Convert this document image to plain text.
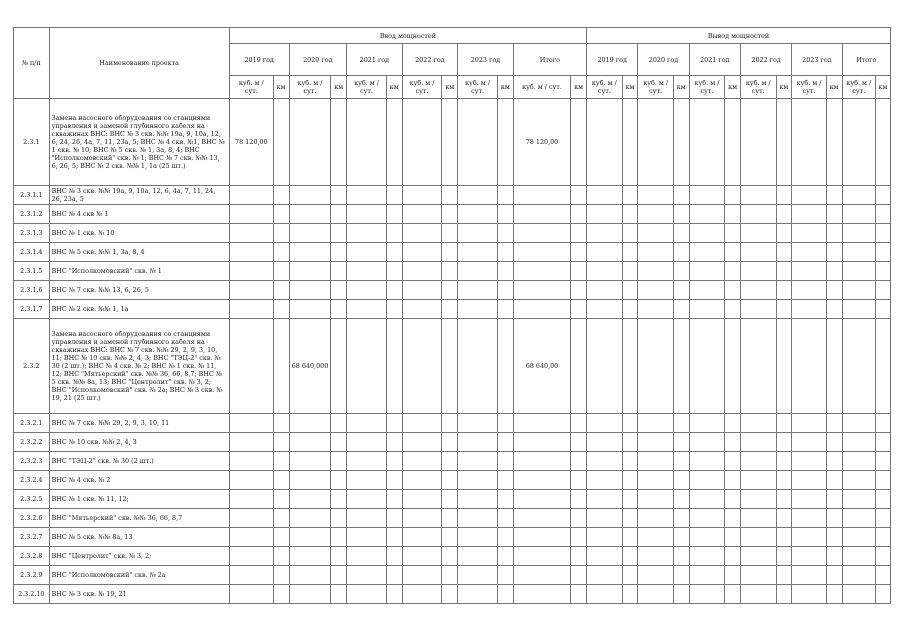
№ п/п	Наименование проекта	Ввод мощностей												Вывод мощностей											
		2019 год		2020 год		2021 год		2022 год		2023 год		Итого		2019 год		2020 год		2021 год		2022 год		2023 год		Итого	
		куб. м / сут.	км	куб. м / сут.	км	куб. м / сут.	км	куб. м / сут.	км	куб. м / сут.	км	куб. м / сут.	км	куб. м / сут.	км	куб. м / сут.	км	куб. м / сут.	км	куб. м / сут.	км	куб. м / сут.	км	куб. м / сут.	км
2.3.1	Замена насосного оборудования со станциями управления и заменой глубинного кабеля на скважинах ВНС: ВНС № 3 скв. №№ 19а, 9, 10а, 12, 6, 24, 26, 4а, 7, 11, 23а, 5; ВНС № 4 скв. №1, ВНС № 1 скв. № 10; ВНС № 5 скв. № 1, 3а, 8, 4; ВНС "Исполкомовский" скв. № 1; ВНС № 7 скв. №№ 13, 6, 26, 5; ВНС № 2 скв. №№ 1, 1а (25 шт.)	78 120,00										78 120,00													
2.3.1.1	ВНС № 3 скв. №№ 19а, 9, 10а, 12, 6, 4а, 7, 11, 24, 26, 23а, 5																								
2.3.1.2	ВНС № 4 скв № 1																								
2.3.1.3	ВНС № 1 скв. № 10																								
2.3.1.4	ВНС № 5 скв. №№ 1, 3а, 8, 4																								
2.3.1.5	ВНС "Исполкомовский" скв. № 1																								
2.3.1.6	ВНС № 7 скв. №№ 13, 6, 26, 5																								
2.3.1.7	ВНС № 2 скв. №№ 1, 1а																								
2.3.2	Замена насосного оборудования со станциями управления и заменой глубинного кабеля на скважинах ВНС: ВНС № 7 скв. №№ 29, 2, 9, 3, 10, 11; ВНС № 10 скв. №№ 2, 4, 3; ВНС "ТЭЦ-2" скв. № 30 (2 шт.); ВНС № 4 скв. № 2; ВНС № 1 скв. № 11, 12; ВНС "Мятьерский" скв. №№ 36, 66, 8,7; ВНС № 5 скв. №№ 8а, 13; ВНС "Центролит" скв. № 3, 2; ВНС "Исполкомовский" скв. № 2а; ВНС № 3 скв. № 19, 21 (25 шт.)			68 640,000								68 640,00													
2.3.2.1	ВНС № 7 скв. №№ 29, 2, 9, 3, 10, 11																								
2.3.2.2	ВНС № 10 скв. №№ 2, 4, 3																								
2.3.2.3	ВНС "ТЭЦ-2" скв. № 30 (2 шт.)																								
2.3.2.4	ВНС № 4 скв. № 2																								
2.3.2.5	ВНС № 1 скв. № 11, 12;																								
2.3.2.6	ВНС "Мятьерский" скв. №№ 36, 66, 8,7																								
2.3.2.7	ВНС № 5 скв. №№ 8а, 13																								
2.3.2.8	ВНС "Центролит" скв. № 3, 2;																								
2.3.2.9	ВНС "Исполкомовский" скв. № 2а																								
2.3.2.10	ВНС № 3 скв. № 19, 21																								
